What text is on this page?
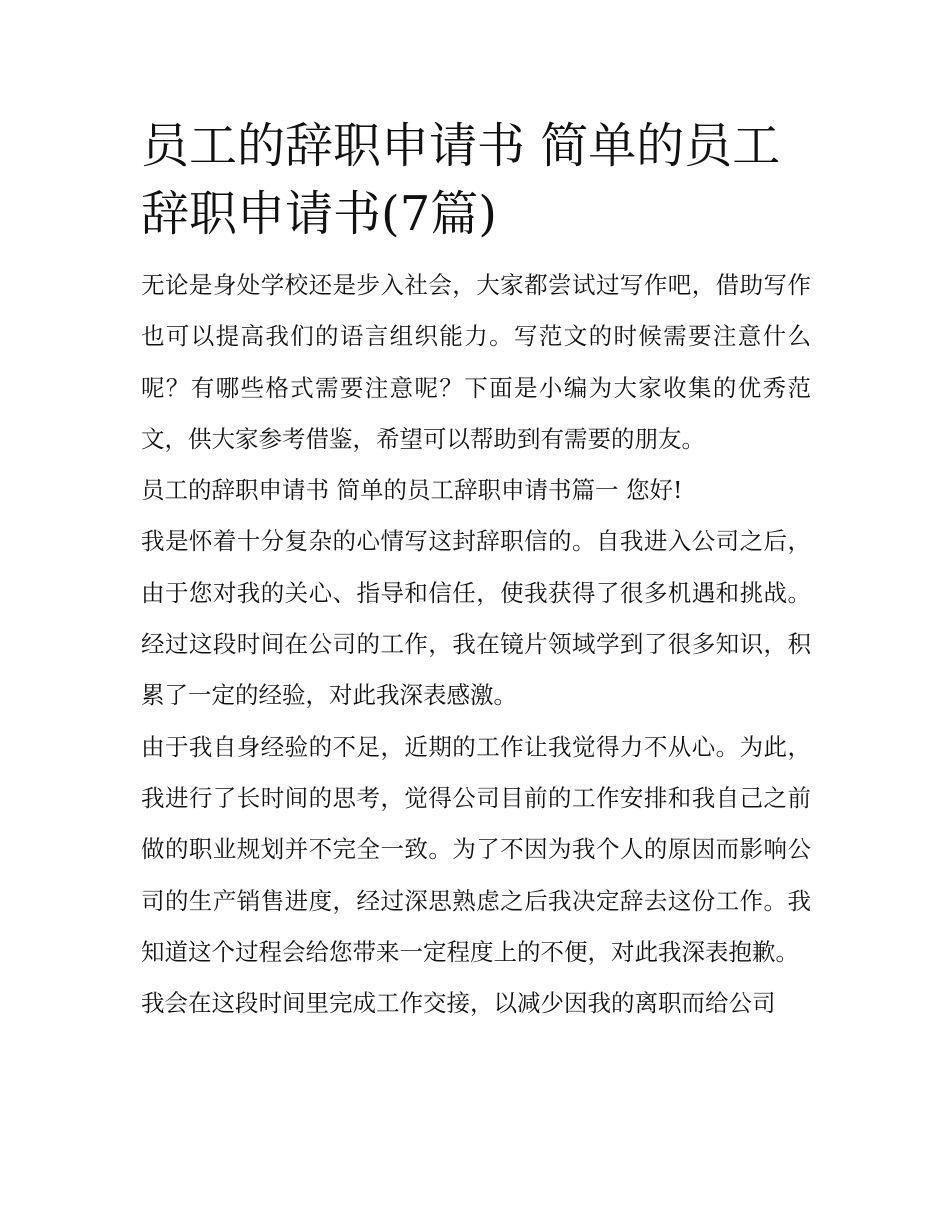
员工的辞职申请书 简单的员工辞职申请书(7篇)

无论是身处学校还是步入社会，大家都尝试过写作吧，借助写作也可以提高我们的语言组织能力。写范文的时候需要注意什么呢？有哪些格式需要注意呢？下面是小编为大家收集的优秀范文，供大家参考借鉴，希望可以帮助到有需要的朋友。

员工的辞职申请书 简单的员工辞职申请书篇一 您好!

我是怀着十分复杂的心情写这封辞职信的。自我进入公司之后，由于您对我的关心、指导和信任，使我获得了很多机遇和挑战。经过这段时间在公司的工作，我在镜片领域学到了很多知识，积累了一定的经验，对此我深表感激。

由于我自身经验的不足，近期的工作让我觉得力不从心。为此，我进行了长时间的思考，觉得公司目前的工作安排和我自己之前做的职业规划并不完全一致。为了不因为我个人的原因而影响公司的生产销售进度，经过深思熟虑之后我决定辞去这份工作。我知道这个过程会给您带来一定程度上的不便，对此我深表抱歉。

我会在这段时间里完成工作交接，以减少因我的离职而给公司
